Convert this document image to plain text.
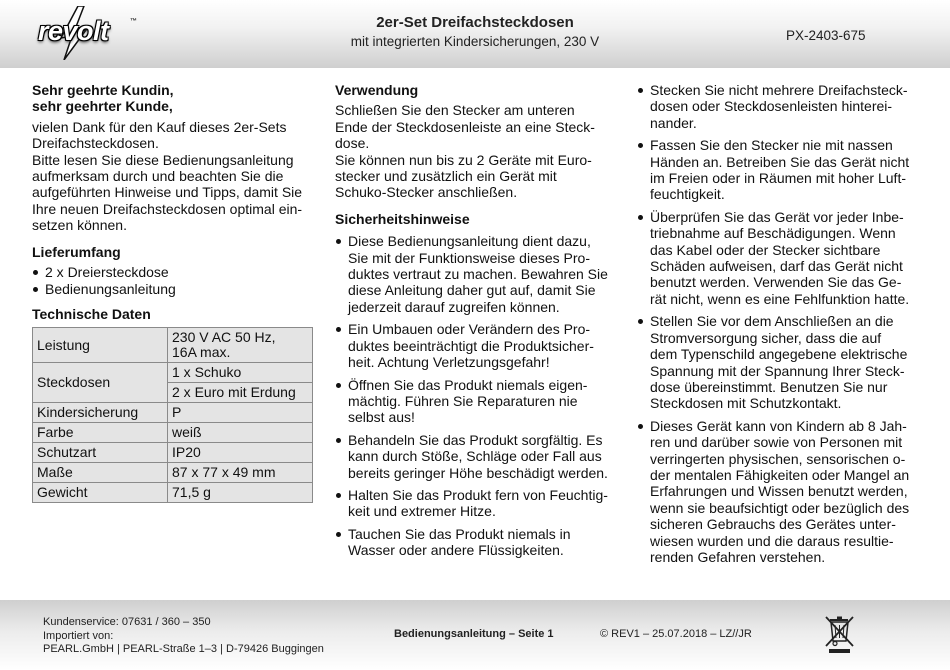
revolt	™	2er-Set Dreifachsteckdosen
mit integrierten Kindersicherungen, 230 V	PX-2403-675
Sehr geehrte Kundin,
sehr geehrter Kunde,
vielen Dank für den Kauf dieses 2er-Sets
Dreifachsteckdosen.
Bitte lesen Sie diese Bedienungsanleitung
aufmerksam durch und beachten Sie die
aufgeführten Hinweise und Tipps, damit Sie
Ihre neuen Dreifachsteckdosen optimal ein-
setzen können.
Lieferumfang
2 x Dreiersteckdose
Bedienungsanleitung
Technische Daten
Leistung	230 V AC 50 Hz,
16A max.

Steckdosen	1 x Schuko
	2 x Euro mit Erdung
Kindersicherung	P
Farbe	weiß
Schutzart	IP20
Maße	87 x 77 x 49 mm
Gewicht	71,5 g
Verwendung
Schließen Sie den Stecker am unteren
Ende der Steckdosenleiste an eine Steck-
dose.
Sie können nun bis zu 2 Geräte mit Euro-
stecker und zusätzlich ein Gerät mit
Schuko-Stecker anschließen.
Sicherheitshinweise
Diese Bedienungsanleitung dient dazu,
Sie mit der Funktionsweise dieses Pro-
duktes vertraut zu machen. Bewahren Sie
diese Anleitung daher gut auf, damit Sie
jederzeit darauf zugreifen können.
Ein Umbauen oder Verändern des Pro-
duktes beeinträchtigt die Produktsicher-
heit. Achtung Verletzungsgefahr!
Öffnen Sie das Produkt niemals eigen-
mächtig. Führen Sie Reparaturen nie
selbst aus!
Behandeln Sie das Produkt sorgfältig. Es
kann durch Stöße, Schläge oder Fall aus
bereits geringer Höhe beschädigt werden.
Halten Sie das Produkt fern von Feuchtig-
keit und extremer Hitze.
Tauchen Sie das Produkt niemals in
Wasser oder andere Flüssigkeiten.
Stecken Sie nicht mehrere Dreifachsteck-
dosen oder Steckdosenleisten hinterei-
nander.
Fassen Sie den Stecker nie mit nassen
Händen an. Betreiben Sie das Gerät nicht
im Freien oder in Räumen mit hoher Luft-
feuchtigkeit.
Überprüfen Sie das Gerät vor jeder Inbe-
triebnahme auf Beschädigungen. Wenn
das Kabel oder der Stecker sichtbare
Schäden aufweisen, darf das Gerät nicht
benutzt werden. Verwenden Sie das Ge-
rät nicht, wenn es eine Fehlfunktion hatte.
Stellen Sie vor dem Anschließen an die
Stromversorgung sicher, dass die auf
dem Typenschild angegebene elektrische
Spannung mit der Spannung Ihrer Steck-
dose übereinstimmt. Benutzen Sie nur
Steckdosen mit Schutzkontakt.
Dieses Gerät kann von Kindern ab 8 Jah-
ren und darüber sowie von Personen mit
verringerten physischen, sensorischen o-
der mentalen Fähigkeiten oder Mangel an
Erfahrungen und Wissen benutzt werden,
wenn sie beaufsichtigt oder bezüglich des
sicheren Gebrauchs des Gerätes unter-
wiesen wurden und die daraus resultie-
renden Gefahren verstehen.
Kundenservice: 07631 / 360 – 350
Importiert von:
PEARL.GmbH | PEARL-Straße 1–3 | D-79426 Buggingen
Bedienungsanleitung – Seite 1	© REV1 – 25.07.2018 – LZ//JR
